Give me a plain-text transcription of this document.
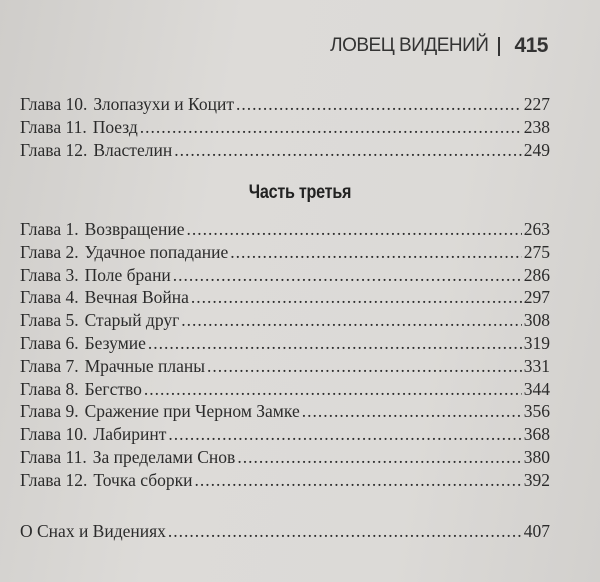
ЛОВЕЦ ВИДЕНИЙ 415
Глава 10. Злопазухи и Коцит .....	227
Глава 11. Поезд .....	238
Глава 12. Властелин .....	249
Часть третья
Глава 1. Возвращение .....	263
Глава 2. Удачное попадание .....	275
Глава 3. Поле брани .....	286
Глава 4. Вечная Война .....	297
Глава 5. Старый друг .....	308
Глава 6. Безумие .....	319
Глава 7. Мрачные планы .....	331
Глава 8. Бегство .....	344
Глава 9. Сражение при Черном Замке .....	356
Глава 10. Лабиринт .....	368
Глава 11. За пределами Снов .....	380
Глава 12. Точка сборки .....	392
О Снах и Видениях .....	407
